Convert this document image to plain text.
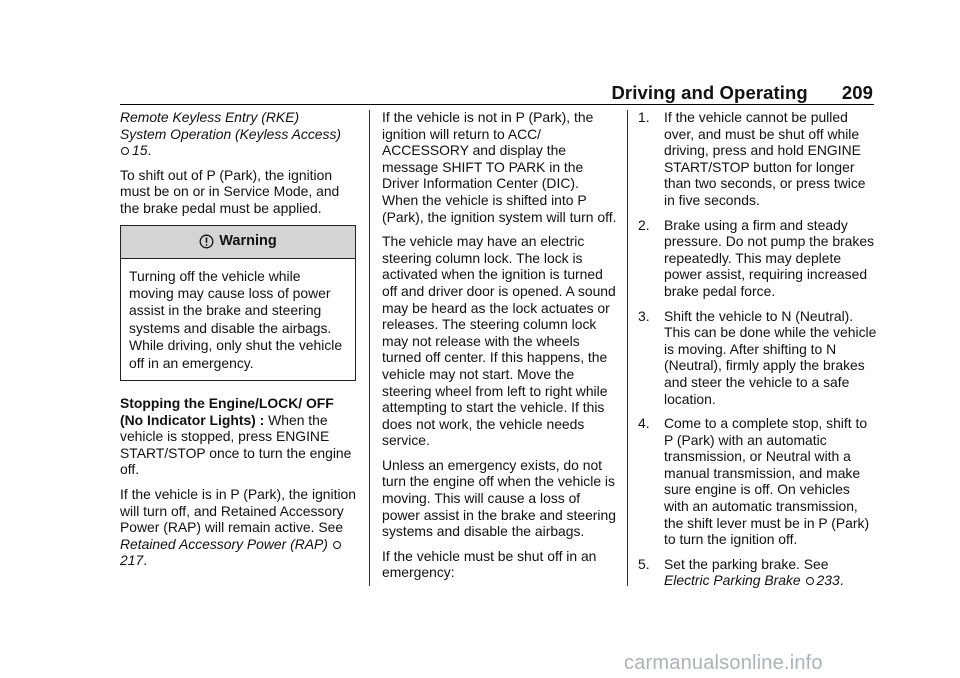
Driving and Operating 209

Remote Keyless Entry (RKE)
System Operation (Keyless Access)
15.

To shift out of P (Park), the ignition must be on or in Service Mode, and the brake pedal must be applied.

Warning
Turning off the vehicle while moving may cause loss of power assist in the brake and steering systems and disable the airbags. While driving, only shut the vehicle off in an emergency.

Stopping the Engine/LOCK/ OFF (No Indicator Lights) : When the vehicle is stopped, press ENGINE START/STOP once to turn the engine off.

If the vehicle is in P (Park), the ignition will turn off, and Retained Accessory Power (RAP) will remain active. See Retained Accessory Power (RAP) 217.

If the vehicle is not in P (Park), the ignition will return to ACC/ ACCESSORY and display the message SHIFT TO PARK in the Driver Information Center (DIC). When the vehicle is shifted into P (Park), the ignition system will turn off.

The vehicle may have an electric steering column lock. The lock is activated when the ignition is turned off and driver door is opened. A sound may be heard as the lock actuates or releases. The steering column lock may not release with the wheels turned off center. If this happens, the vehicle may not start. Move the steering wheel from left to right while attempting to start the vehicle. If this does not work, the vehicle needs service.

Unless an emergency exists, do not turn the engine off when the vehicle is moving. This will cause a loss of power assist in the brake and steering systems and disable the airbags.

If the vehicle must be shut off in an emergency:

1.	If the vehicle cannot be pulled over, and must be shut off while driving, press and hold ENGINE START/STOP button for longer than two seconds, or press twice in five seconds.
2.	Brake using a firm and steady pressure. Do not pump the brakes repeatedly. This may deplete power assist, requiring increased brake pedal force.
3.	Shift the vehicle to N (Neutral). This can be done while the vehicle is moving. After shifting to N (Neutral), firmly apply the brakes and steer the vehicle to a safe location.
4.	Come to a complete stop, shift to P (Park) with an automatic transmission, or Neutral with a manual transmission, and make sure engine is off. On vehicles with an automatic transmission, the shift lever must be in P (Park) to turn the ignition off.
5.	Set the parking brake. See
Electric Parking Brake 233.
carmanualsonline.info
